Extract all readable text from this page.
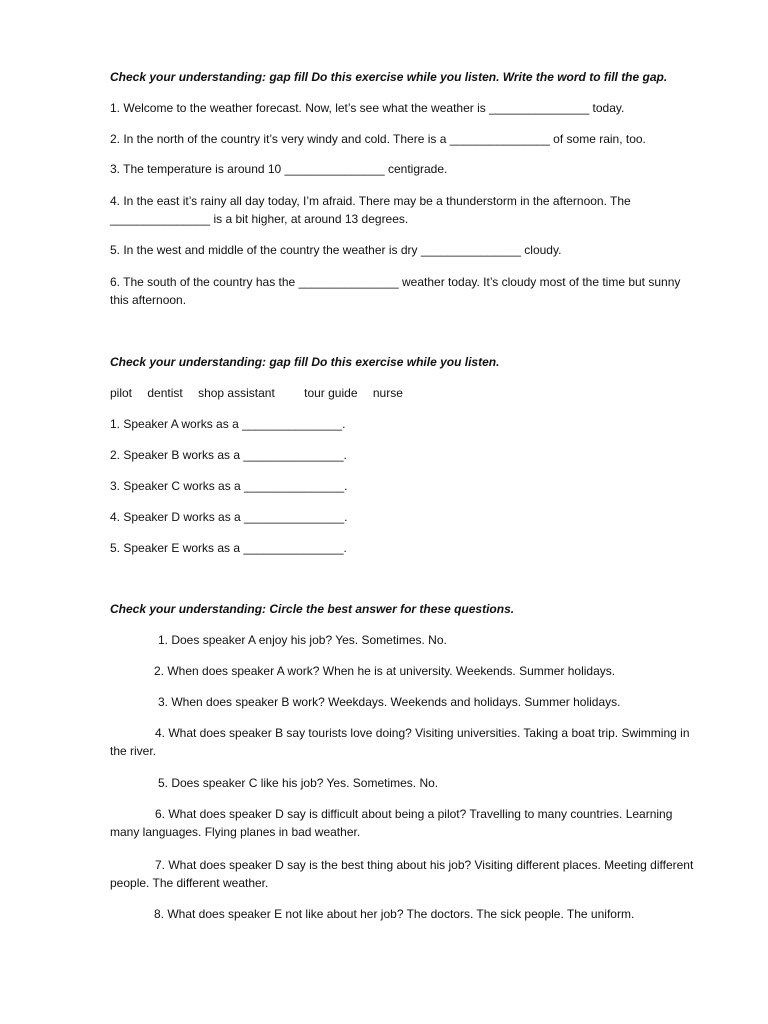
Check your understanding: gap fill Do this exercise while you listen. Write the word to fill the gap.
1. Welcome to the weather forecast. Now, let’s see what the weather is _______________ today.
2. In the north of the country it’s very windy and cold. There is a _______________ of some rain, too.
3. The temperature is around 10 _______________ centigrade.
4. In the east it’s rainy all day today, I’m afraid. There may be a thunderstorm in the afternoon. The _______________ is a bit higher, at around 13 degrees.
5. In the west and middle of the country the weather is dry _______________ cloudy.
6. The south of the country has the _______________ weather today. It’s cloudy most of the time but sunny this afternoon.
Check your understanding: gap fill Do this exercise while you listen.
pilot dentist shop assistant tour guide nurse
1. Speaker A works as a _______________.
2. Speaker B works as a _______________.
3. Speaker C works as a _______________.
4. Speaker D works as a _______________.
5. Speaker E works as a _______________.
Check your understanding: Circle the best answer for these questions.
1. Does speaker A enjoy his job? Yes. Sometimes. No.
2. When does speaker A work? When he is at university. Weekends. Summer holidays.
3. When does speaker B work? Weekdays. Weekends and holidays. Summer holidays.
4. What does speaker B say tourists love doing? Visiting universities. Taking a boat trip. Swimming in the river.
5. Does speaker C like his job? Yes. Sometimes. No.
6. What does speaker D say is difficult about being a pilot? Travelling to many countries. Learning many languages. Flying planes in bad weather.
7. What does speaker D say is the best thing about his job? Visiting different places. Meeting different people. The different weather.
8. What does speaker E not like about her job? The doctors. The sick people. The uniform.
